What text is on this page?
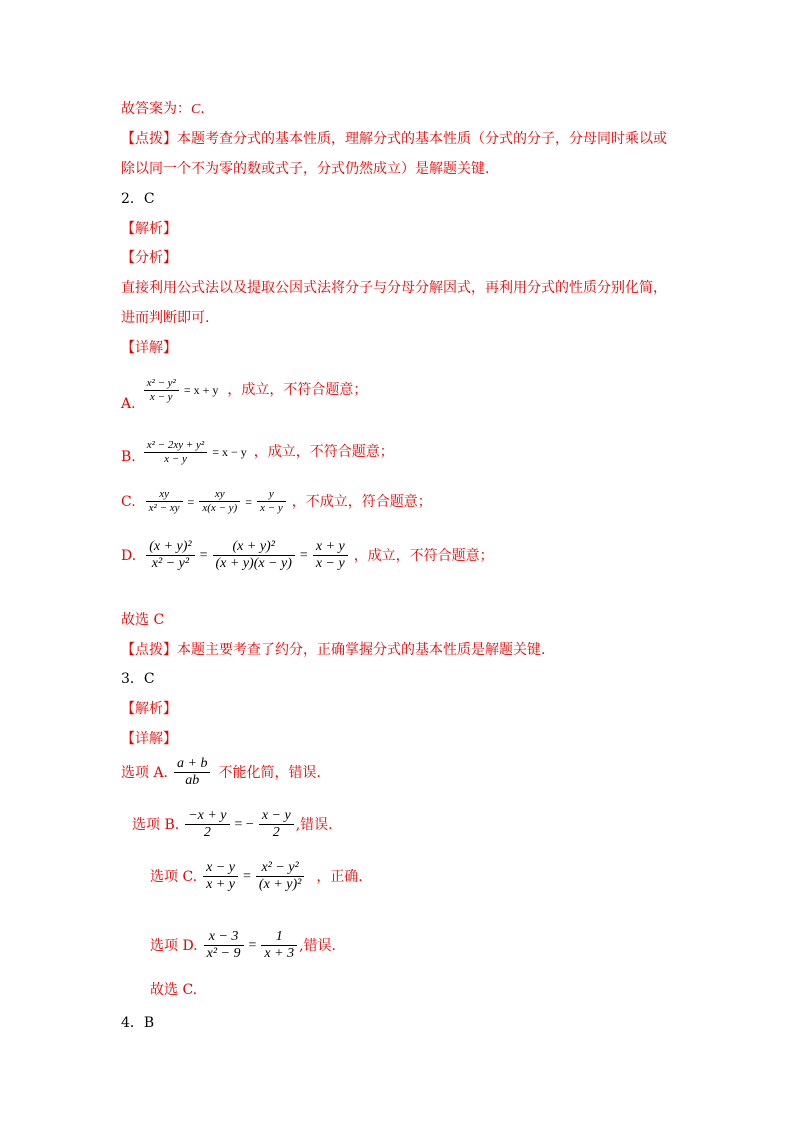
故答案为：C.
【点拨】本题考查分式的基本性质，理解分式的基本性质（分式的分子，分母同时乘以或
除以同一个不为零的数或式子，分式仍然成立）是解题关键.
2．C
【解析】
【分析】
直接利用公式法以及提取公因式法将分子与分母分解因式，再利用分式的性质分别化简，
进而判断即可.
【详解】
A.
$\frac{\text{x² − y²}}{x - y} = x + y$ ，成立，不符合题意；
B. $\frac{\text{x² − 2xy + y²}}{x - y} = x - y$ ，成立，不符合题意；
C. $\frac{xy}{\text{x² − xy}} = \frac{xy}{x(x - y)} = \frac{y}{x - y}$ ，不成立，符合题意；
D. $\frac{\text{(x + y)²}}{\text{x² − y²}} = \frac{\text{(x + y)²}}{(x + y)(x - y)} = \frac{x + y}{x - y}$ ，成立，不符合题意；
故选 C
【点拨】本题主要考查了约分，正确掌握分式的基本性质是解题关键.
3．C
【解析】
【详解】
选项 A. $\frac{a + b}{ab}$ 不能化简，错误.
选项 B. $\frac{-x + y}{2}$ = − $\frac{x - y}{2}$ ,错误.
选项 C. $\frac{x - y}{x + y} = \frac{\text{x² − y²}}{\text{(x + y)²}}$ ，正确.
选项 D. $\frac{x - 3}{\text{x² − 9}} = \frac{1}{x + 3}$ ,错误.
故选 C.
4．B
